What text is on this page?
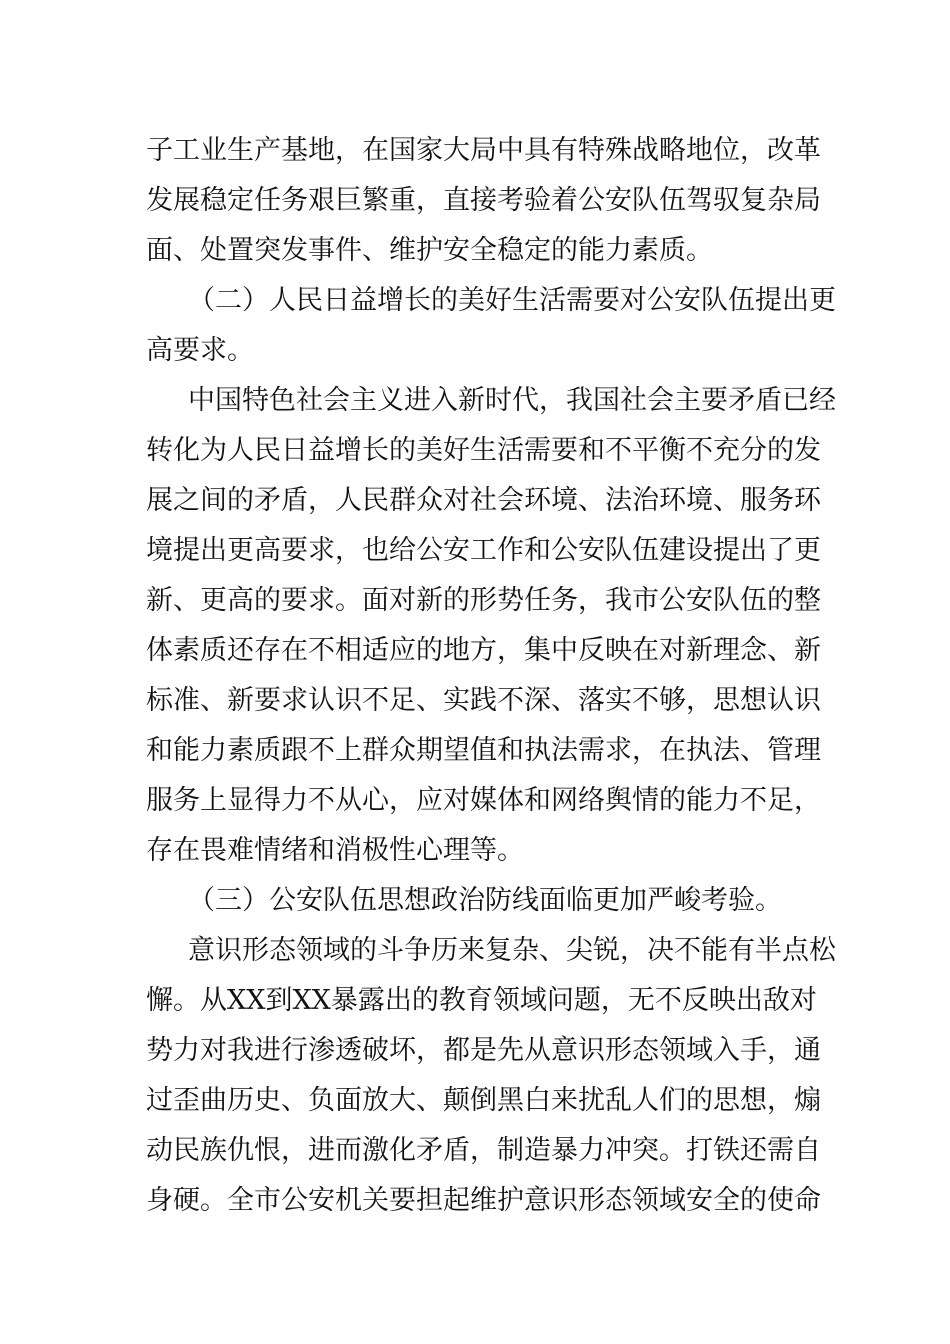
子工业生产基地，在国家大局中具有特殊战略地位，改革
发展稳定任务艰巨繁重，直接考验着公安队伍驾驭复杂局
面、处置突发事件、维护安全稳定的能力素质。
（二）人民日益增长的美好生活需要对公安队伍提出更
高要求。
中国特色社会主义进入新时代，我国社会主要矛盾已经
转化为人民日益增长的美好生活需要和不平衡不充分的发
展之间的矛盾，人民群众对社会环境、法治环境、服务环
境提出更高要求，也给公安工作和公安队伍建设提出了更
新、更高的要求。面对新的形势任务，我市公安队伍的整
体素质还存在不相适应的地方，集中反映在对新理念、新
标准、新要求认识不足、实践不深、落实不够，思想认识
和能力素质跟不上群众期望值和执法需求，在执法、管理
服务上显得力不从心，应对媒体和网络舆情的能力不足，
存在畏难情绪和消极性心理等。
（三）公安队伍思想政治防线面临更加严峻考验。
意识形态领域的斗争历来复杂、尖锐，决不能有半点松
懈。从XX到XX暴露出的教育领域问题，无不反映出敌对
势力对我进行渗透破坏，都是先从意识形态领域入手，通
过歪曲历史、负面放大、颠倒黑白来扰乱人们的思想，煽
动民族仇恨，进而激化矛盾，制造暴力冲突。打铁还需自
身硬。全市公安机关要担起维护意识形态领域安全的使命
